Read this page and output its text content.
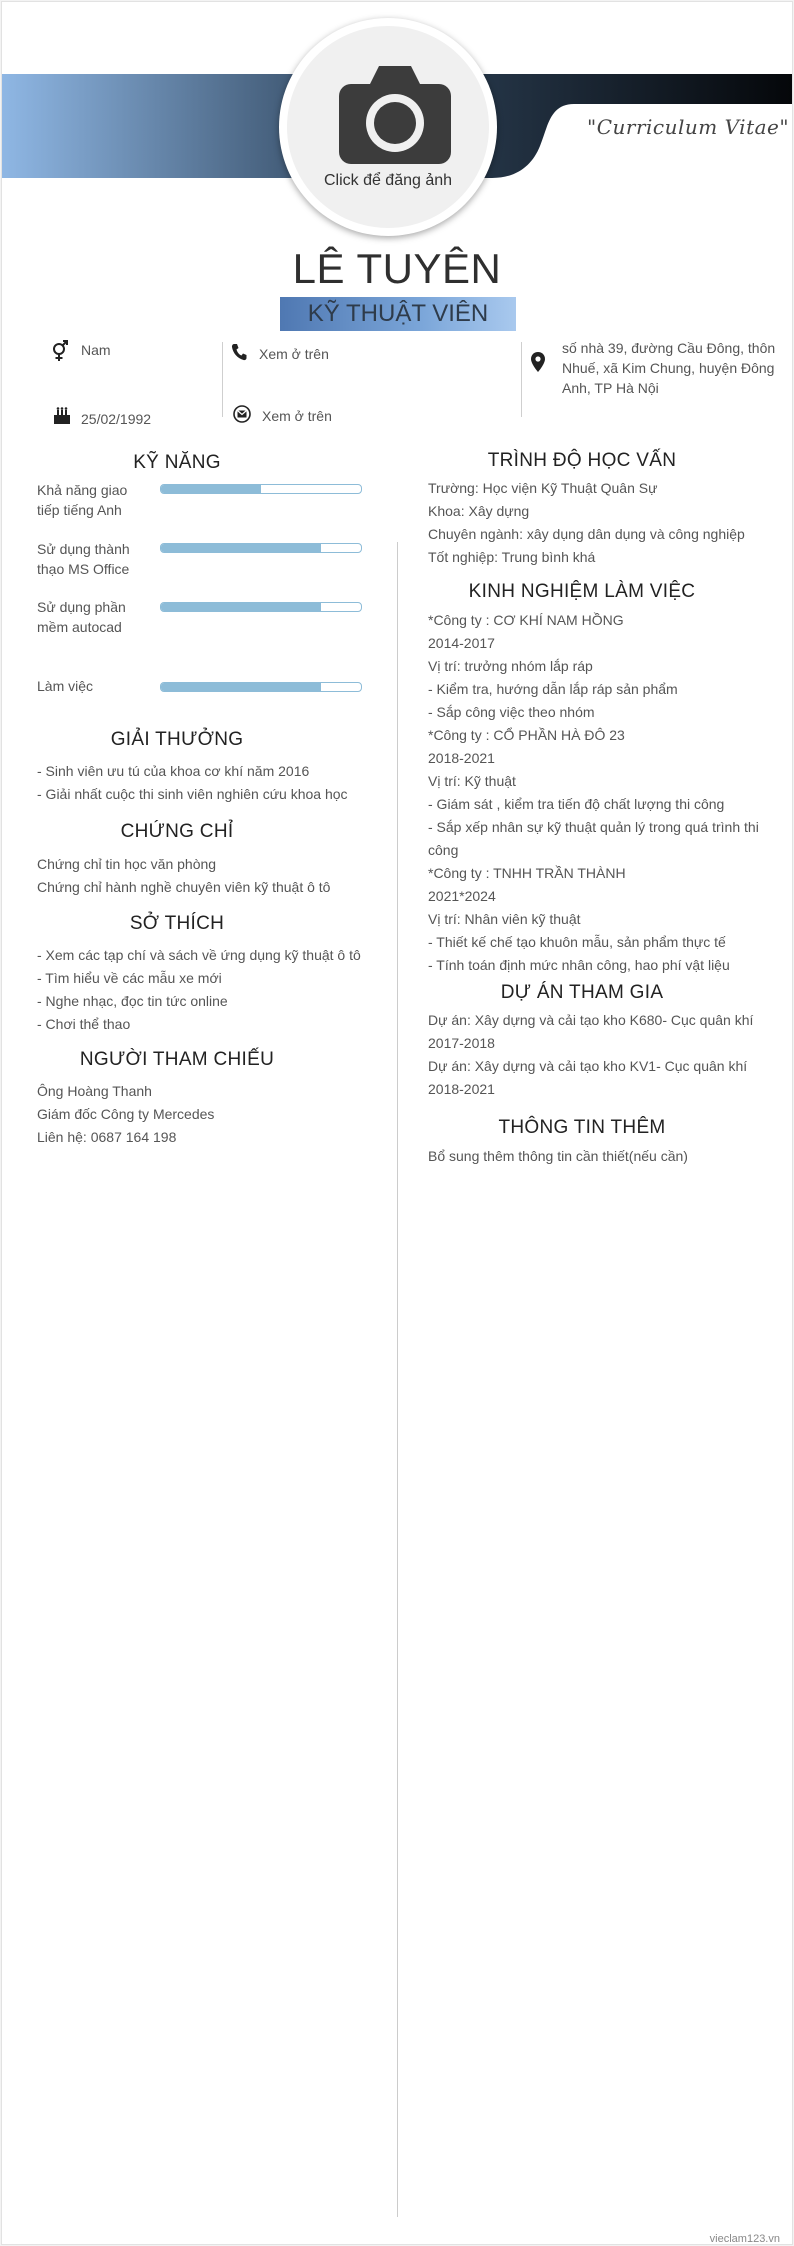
"Curriculum Vitae"
Click để đăng ảnh
LÊ TUYÊN
KỸ THUẬT VIÊN
Nam	Xem ở trên	số nhà 39, đường Cầu Đông, thôn
Nhuế, xã Kim Chung, huyện Đông
Anh, TP Hà Nội
25/02/1992	Xem ở trên
KỸ NĂNG
Khả năng giao
tiếp tiếng Anh
Sử dụng thành
thạo MS Office
Sử dụng phần
mềm autocad
Làm việc
GIẢI THƯỞNG
- Sinh viên ưu tú của khoa cơ khí năm 2016
- Giải nhất cuộc thi sinh viên nghiên cứu khoa học
CHỨNG CHỈ
Chứng chỉ tin học văn phòng
Chứng chỉ hành nghề chuyên viên kỹ thuật ô tô
SỞ THÍCH
- Xem các tạp chí và sách về ứng dụng kỹ thuật ô tô
- Tìm hiểu về các mẫu xe mới
- Nghe nhạc, đọc tin tức online
- Chơi thể thao
NGƯỜI THAM CHIẾU
Ông Hoàng Thanh
Giám đốc Công ty Mercedes
Liên hệ: 0687 164 198
TRÌNH ĐỘ HỌC VẤN
Trường: Học viện Kỹ Thuật Quân Sự
Khoa: Xây dựng
Chuyên ngành: xây dụng dân dụng và công nghiệp
Tốt nghiệp: Trung bình khá
KINH NGHIỆM LÀM VIỆC
*Công ty : CƠ KHÍ NAM HỒNG
2014-2017
Vị trí: trưởng nhóm lắp ráp
- Kiểm tra, hướng dẫn lắp ráp sản phẩm
- Sắp công việc theo nhóm
*Công ty : CỔ PHẦN HÀ ĐÔ 23
2018-2021
Vị trí: Kỹ thuật
- Giám sát , kiểm tra tiến độ chất lượng thi công
- Sắp xếp nhân sự kỹ thuật quản lý trong quá trình thi
công
*Công ty : TNHH TRẦN THÀNH
2021*2024
Vị trí: Nhân viên kỹ thuật
- Thiết kế chế tạo khuôn mẫu, sản phẩm thực tế
- Tính toán định mức nhân công, hao phí vật liệu
DỰ ÁN THAM GIA
Dự án: Xây dựng và cải tạo kho K680- Cục quân khí
2017-2018
Dự án: Xây dựng và cải tạo kho KV1- Cục quân khí
2018-2021
THÔNG TIN THÊM
Bổ sung thêm thông tin cần thiết(nếu cần)
vieclam123.vn
